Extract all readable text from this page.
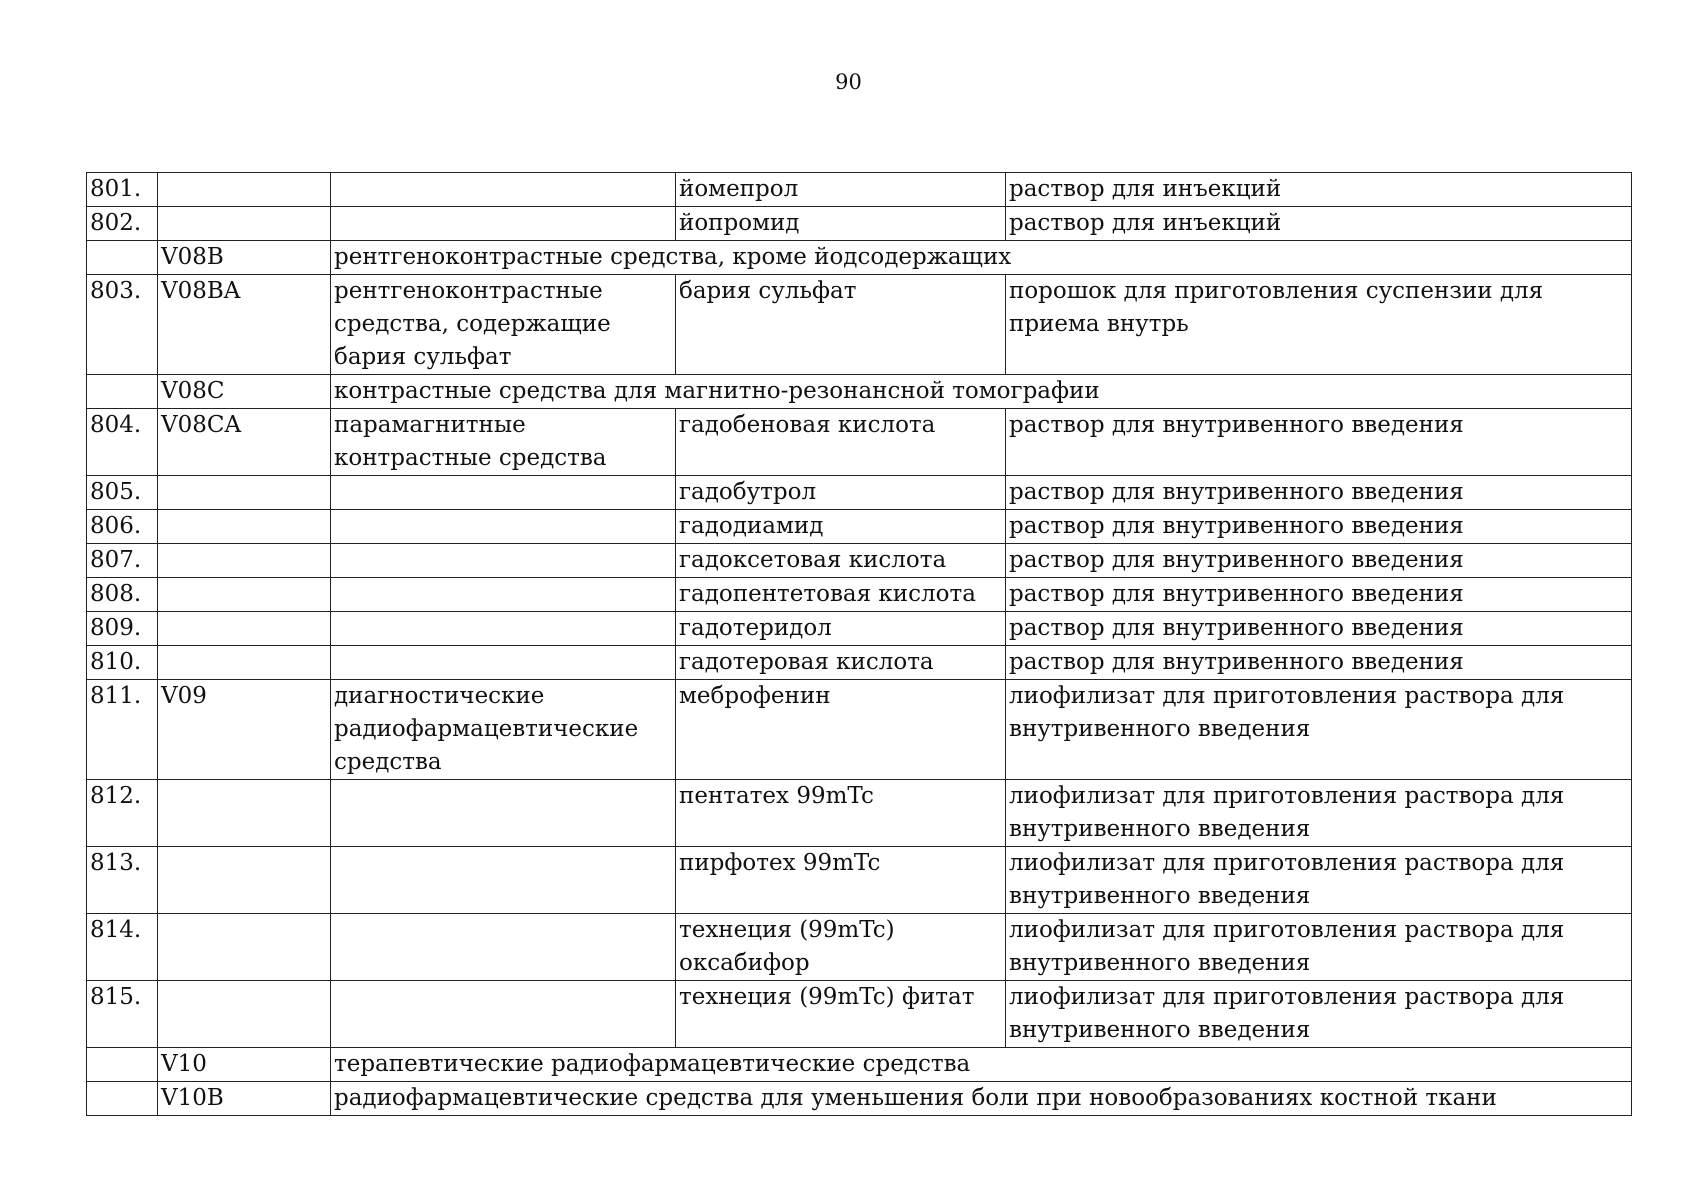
90
801.			йомепрол	раствор для инъекций
802.			йопромид	раствор для инъекций
	V08B	рентгеноконтрастные средства, кроме йодсодержащих		
803.	V08BA	рентгеноконтрастные средства, содержащие бария сульфат	бария сульфат	порошок для приготовления суспензии для приема внутрь
	V08C	контрастные средства для магнитно-резонансной томографии		
804.	V08CA	парамагнитные контрастные средства	гадобеновая кислота	раствор для внутривенного введения
805.			гадобутрол	раствор для внутривенного введения
806.			гадодиамид	раствор для внутривенного введения
807.			гадоксетовая кислота	раствор для внутривенного введения
808.			гадопентетовая кислота	раствор для внутривенного введения
809.			гадотеридол	раствор для внутривенного введения
810.			гадотеровая кислота	раствор для внутривенного введения
811.	V09	диагностические радиофармацевтические средства	меброфенин	лиофилизат для приготовления раствора для внутривенного введения
812.			пентатех 99mTc	лиофилизат для приготовления раствора для внутривенного введения
813.			пирфотех 99mTc	лиофилизат для приготовления раствора для внутривенного введения
814.			технеция (99mTc) оксабифор	лиофилизат для приготовления раствора для внутривенного введения
815.			технеция (99mTc) фитат	лиофилизат для приготовления раствора для внутривенного введения
	V10	терапевтические радиофармацевтические средства		
	V10B	радиофармацевтические средства для уменьшения боли при новообразованиях костной ткани		
